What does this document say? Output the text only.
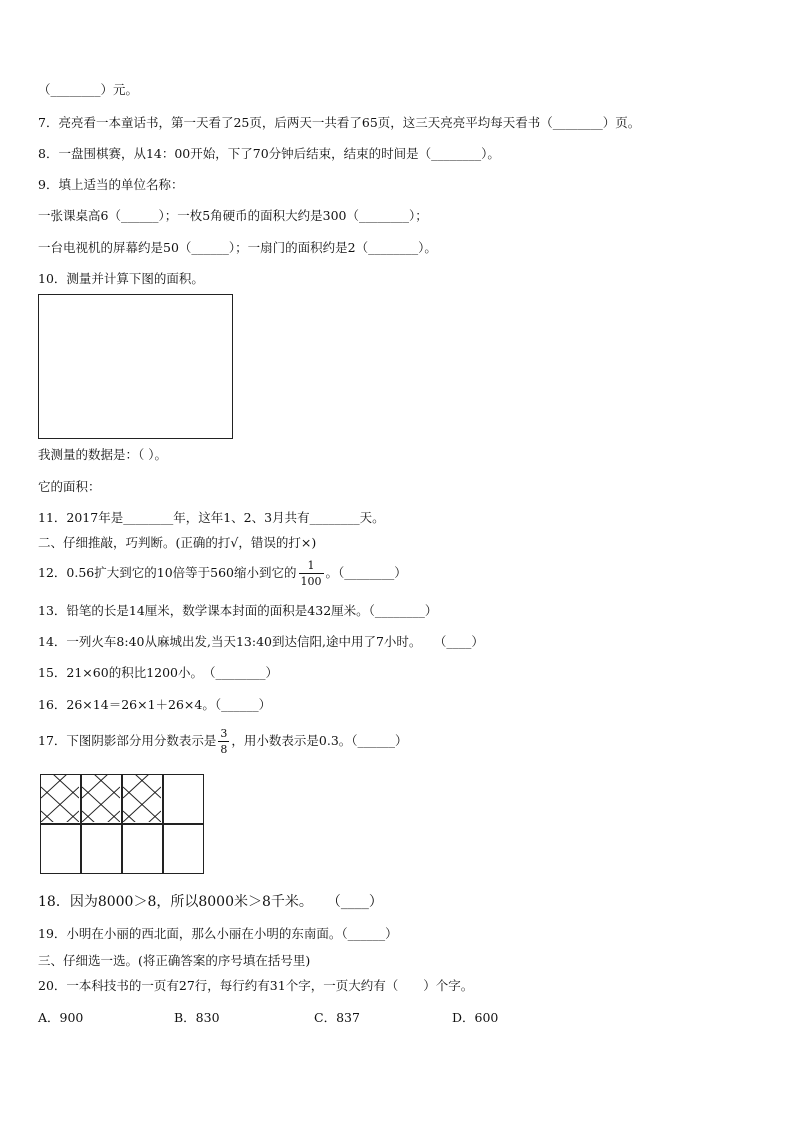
（________）元。
7．亮亮看一本童话书，第一天看了25页，后两天一共看了65页，这三天亮亮平均每天看书（________）页。
8．一盘围棋赛，从14：00开始，下了70分钟后结束，结束的时间是（________）。
9．填上适当的单位名称：
一张课桌高6（______）；一枚5角硬币的面积大约是300（________）；
一台电视机的屏幕约是50（______）；一扇门的面积约是2（________）。
10．测量并计算下图的面积。
我测量的数据是：（ ）。
它的面积：
11．2017年是________年，这年1、2、3月共有________天。
二、仔细推敲，巧判断。(正确的打√，错误的打×)
12．0.56扩大到它的10倍等于560缩小到它的 $\frac{1}{100}$ 。（________）
13．铅笔的长是14厘米，数学课本封面的面积是432厘米。（________）
14．一列火车8:40从麻城出发,当天13:40到达信阳,途中用了7小时。　　（____）
15．21×60的积比1200小。　（________）
16．26×14＝26×1＋26×4。（______）
17．下图阴影部分用分数表示是 $\frac{3}{8}$ ，用小数表示是0.3。（______）
18．因为8000＞8，所以8000米＞8千米。　　（____）
19．小明在小丽的西北面，那么小丽在小明的东南面。（______）
三、仔细选一选。(将正确答案的序号填在括号里)
20．一本科技书的一页有27行，每行约有31个字，一页大约有（　　）个字。
A．900	B．830	C．837	D．600
